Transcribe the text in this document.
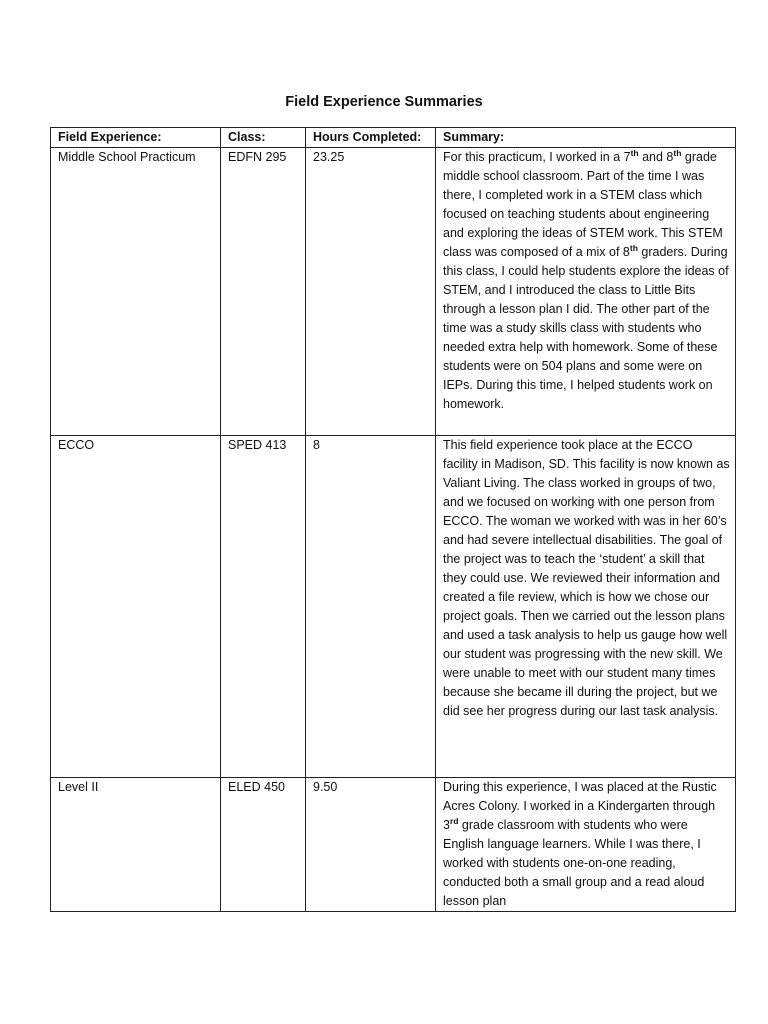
Field Experience Summaries
Field Experience:	Class:	Hours Completed:	Summary:
Middle School Practicum	EDFN 295	23.25	For this practicum, I worked in a 7th and 8th grade middle school classroom. Part of the time I was there, I completed work in a STEM class which focused on teaching students about engineering and exploring the ideas of STEM work. This STEM class was composed of a mix of 8th graders. During this class, I could help students explore the ideas of STEM, and I introduced the class to Little Bits through a lesson plan I did. The other part of the time was a study skills class with students who needed extra help with homework. Some of these students were on 504 plans and some were on IEPs. During this time, I helped students work on homework.
ECCO	SPED 413	8	This field experience took place at the ECCO facility in Madison, SD. This facility is now known as Valiant Living. The class worked in groups of two, and we focused on working with one person from ECCO. The woman we worked with was in her 60’s and had severe intellectual disabilities. The goal of the project was to teach the ‘student’ a skill that they could use. We reviewed their information and created a file review, which is how we chose our project goals. Then we carried out the lesson plans and used a task analysis to help us gauge how well our student was progressing with the new skill. We were unable to meet with our student many times because she became ill during the project, but we did see her progress during our last task analysis.
Level II	ELED 450	9.50	During this experience, I was placed at the Rustic Acres Colony. I worked in a Kindergarten through 3rd grade classroom with students who were English language learners. While I was there, I worked with students one-on-one reading, conducted both a small group and a read aloud lesson plan
